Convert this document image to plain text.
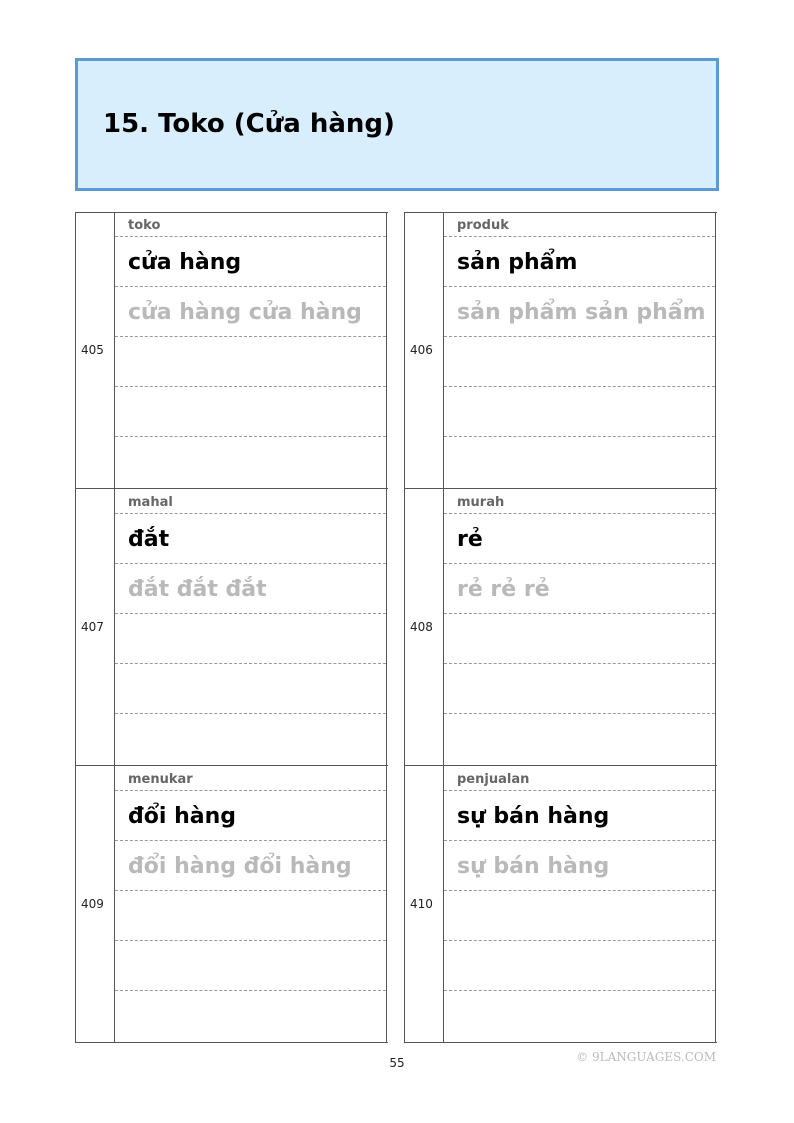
15. Toko (Cửa hàng)
405
toko
cửa hàng
cửa hàng cửa hàng
406
produk
sản phẩm
sản phẩm sản phẩm
407
mahal
đắt
đắt đắt đắt
408
murah
rẻ
rẻ rẻ rẻ
409
menukar
đổi hàng
đổi hàng đổi hàng
410
penjualan
sự bán hàng
sự bán hàng
55	© 9LANGUAGES.COM
